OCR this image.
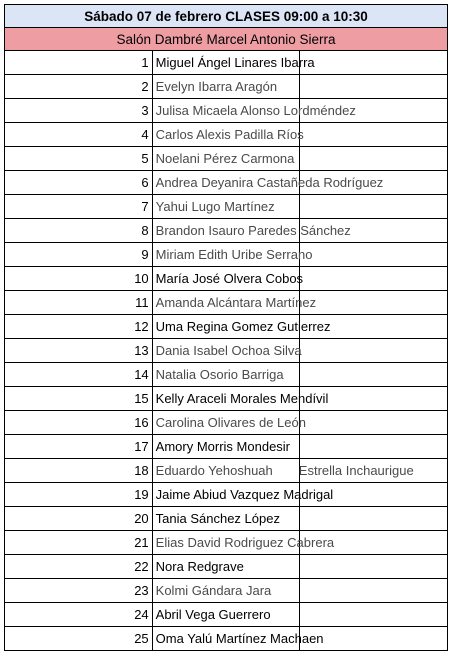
Sábado 07 de febrero CLASES 09:00 a 10:30		
Salón Dambré Marcel Antonio Sierra		
1	Miguel Ángel Linares Ibarra	
2	Evelyn Ibarra Aragón	
3	Julisa Micaela Alonso Lordméndez	
4	Carlos Alexis Padilla Ríos	
5	Noelani Pérez Carmona	
6	Andrea Deyanira Castañeda Rodríguez	
7	Yahui Lugo Martínez	
8	Brandon Isauro Paredes Sánchez	
9	Miriam Edith Uribe Serrano	
10	María José Olvera Cobos	
11	Amanda Alcántara Martínez	
12	Uma Regina Gomez Gutierrez	
13	Dania Isabel Ochoa Silva	
14	Natalia Osorio Barriga	
15	Kelly Araceli Morales Mendívil	
16	Carolina Olivares de León	
17	Amory Morris Mondesir	
18	Eduardo Yehoshuah Estrella Inchaurigue	
19	Jaime Abiud Vazquez Madrigal	
20	Tania Sánchez López	
21	Elias David Rodriguez Cabrera	
22	Nora Redgrave	
23	Kolmi Gándara Jara	
24	Abril Vega Guerrero	
25	Oma Yalú Martínez Machaen	
